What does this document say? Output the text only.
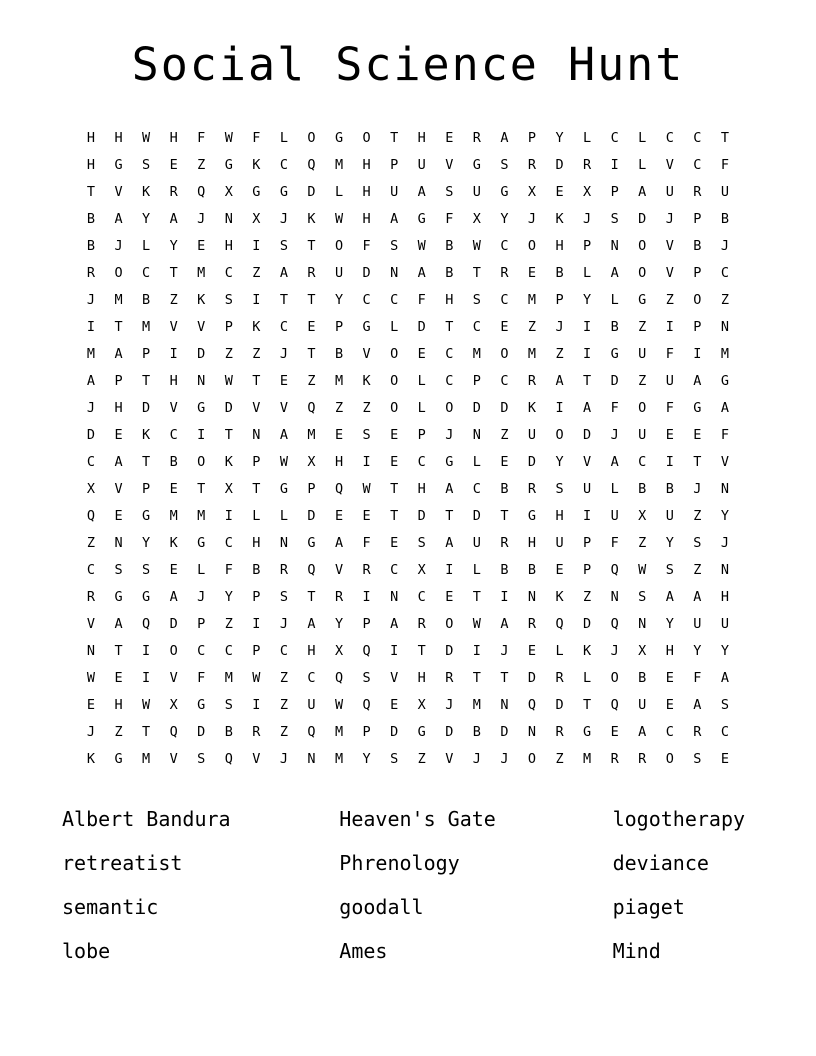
Social Science Hunt
H	H	W	H	F	W	F	L	O	G	O	T	H	E	R	A	P	Y	L	C	L	C	C	T
H	G	S	E	Z	G	K	C	Q	M	H	P	U	V	G	S	R	D	R	I	L	V	C	F
T	V	K	R	Q	X	G	G	D	L	H	U	A	S	U	G	X	E	X	P	A	U	R	U
B	A	Y	A	J	N	X	J	K	W	H	A	G	F	X	Y	J	K	J	S	D	J	P	B
B	J	L	Y	E	H	I	S	T	O	F	S	W	B	W	C	O	H	P	N	O	V	B	J
R	O	C	T	M	C	Z	A	R	U	D	N	A	B	T	R	E	B	L	A	O	V	P	C
J	M	B	Z	K	S	I	T	T	Y	C	C	F	H	S	C	M	P	Y	L	G	Z	O	Z
I	T	M	V	V	P	K	C	E	P	G	L	D	T	C	E	Z	J	I	B	Z	I	P	N
M	A	P	I	D	Z	Z	J	T	B	V	O	E	C	M	O	M	Z	I	G	U	F	I	M
A	P	T	H	N	W	T	E	Z	M	K	O	L	C	P	C	R	A	T	D	Z	U	A	G
J	H	D	V	G	D	V	V	Q	Z	Z	O	L	O	D	D	K	I	A	F	O	F	G	A
D	E	K	C	I	T	N	A	M	E	S	E	P	J	N	Z	U	O	D	J	U	E	E	F
C	A	T	B	O	K	P	W	X	H	I	E	C	G	L	E	D	Y	V	A	C	I	T	V
X	V	P	E	T	X	T	G	P	Q	W	T	H	A	C	B	R	S	U	L	B	B	J	N
Q	E	G	M	M	I	L	L	D	E	E	T	D	T	D	T	G	H	I	U	X	U	Z	Y
Z	N	Y	K	G	C	H	N	G	A	F	E	S	A	U	R	H	U	P	F	Z	Y	S	J
C	S	S	E	L	F	B	R	Q	V	R	C	X	I	L	B	B	E	P	Q	W	S	Z	N
R	G	G	A	J	Y	P	S	T	R	I	N	C	E	T	I	N	K	Z	N	S	A	A	H
V	A	Q	D	P	Z	I	J	A	Y	P	A	R	O	W	A	R	Q	D	Q	N	Y	U	U
N	T	I	O	C	C	P	C	H	X	Q	I	T	D	I	J	E	L	K	J	X	H	Y	Y
W	E	I	V	F	M	W	Z	C	Q	S	V	H	R	T	T	D	R	L	O	B	E	F	A
E	H	W	X	G	S	I	Z	U	W	Q	E	X	J	M	N	Q	D	T	Q	U	E	A	S
J	Z	T	Q	D	B	R	Z	Q	M	P	D	G	D	B	D	N	R	G	E	A	C	R	C
K	G	M	V	S	Q	V	J	N	M	Y	S	Z	V	J	J	O	Z	M	R	R	O	S	E
Albert Bandura
retreatist
semantic
lobe
Heaven's Gate
Phrenology
goodall
Ames
logotherapy
deviance
piaget
Mind
